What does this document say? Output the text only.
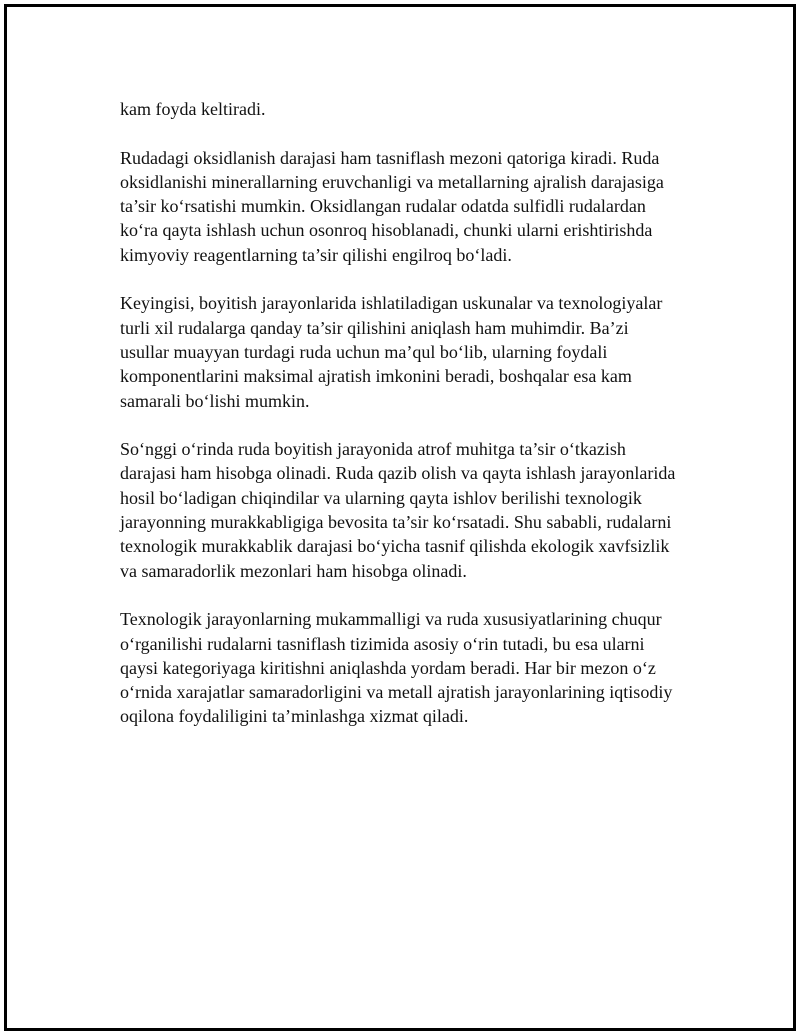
kam foyda keltiradi.

Rudadagi oksidlanish darajasi ham tasniflash mezoni qatoriga kiradi. Ruda
oksidlanishi minerallarning eruvchanligi va metallarning ajralish darajasiga
ta’sir ko‘rsatishi mumkin. Oksidlangan rudalar odatda sulfidli rudalardan
ko‘ra qayta ishlash uchun osonroq hisoblanadi, chunki ularni erishtirishda
kimyoviy reagentlarning ta’sir qilishi engilroq bo‘ladi.

Keyingisi, boyitish jarayonlarida ishlatiladigan uskunalar va texnologiyalar
turli xil rudalarga qanday ta’sir qilishini aniqlash ham muhimdir. Ba’zi
usullar muayyan turdagi ruda uchun ma’qul bo‘lib, ularning foydali
komponentlarini maksimal ajratish imkonini beradi, boshqalar esa kam
samarali bo‘lishi mumkin.

So‘nggi o‘rinda ruda boyitish jarayonida atrof muhitga ta’sir o‘tkazish
darajasi ham hisobga olinadi. Ruda qazib olish va qayta ishlash jarayonlarida
hosil bo‘ladigan chiqindilar va ularning qayta ishlov berilishi texnologik
jarayonning murakkabligiga bevosita ta’sir ko‘rsatadi. Shu sababli, rudalarni
texnologik murakkablik darajasi bo‘yicha tasnif qilishda ekologik xavfsizlik
va samaradorlik mezonlari ham hisobga olinadi.

Texnologik jarayonlarning mukammalligi va ruda xususiyatlarining chuqur
o‘rganilishi rudalarni tasniflash tizimida asosiy o‘rin tutadi, bu esa ularni
qaysi kategoriyaga kiritishni aniqlashda yordam beradi. Har bir mezon o‘z
o‘rnida xarajatlar samaradorligini va metall ajratish jarayonlarining iqtisodiy
oqilona foydaliligini ta’minlashga xizmat qiladi.
